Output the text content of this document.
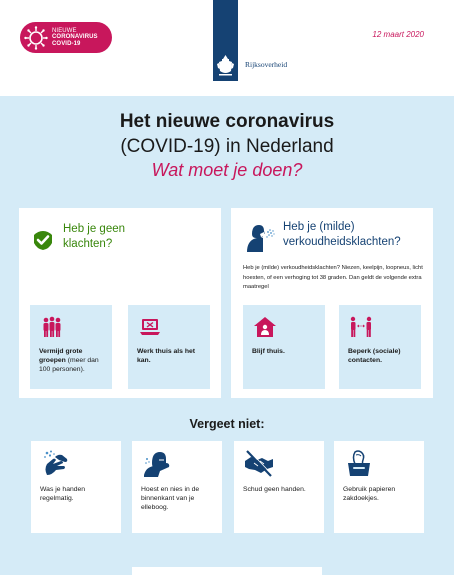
NIEUWE
CORONAVIRUS
COVID-19
12 maart 2020
Rijksoverheid
Het nieuwe coronavirus
(COVID-19) in Nederland
Wat moet je doen?
Heb je geen
klachten?
Vermijd grote groepen (meer dan 100 personen).
Werk thuis als het kan.
Heb je (milde)
verkoudheidsklachten?
Heb je (milde) verkoudheidsklachten? Niezen, keelpijn, loopneus, licht hoesten, of een verhoging tot 38 graden. Dan geldt de volgende extra maatregel
Blijf thuis.	Beperk (sociale) contacten.
Vergeet niet:
Was je handen regelmatig.
Hoest en nies in de binnenkant van je elleboog.
Schud geen handen.	Gebruik papieren zakdoekjes.
